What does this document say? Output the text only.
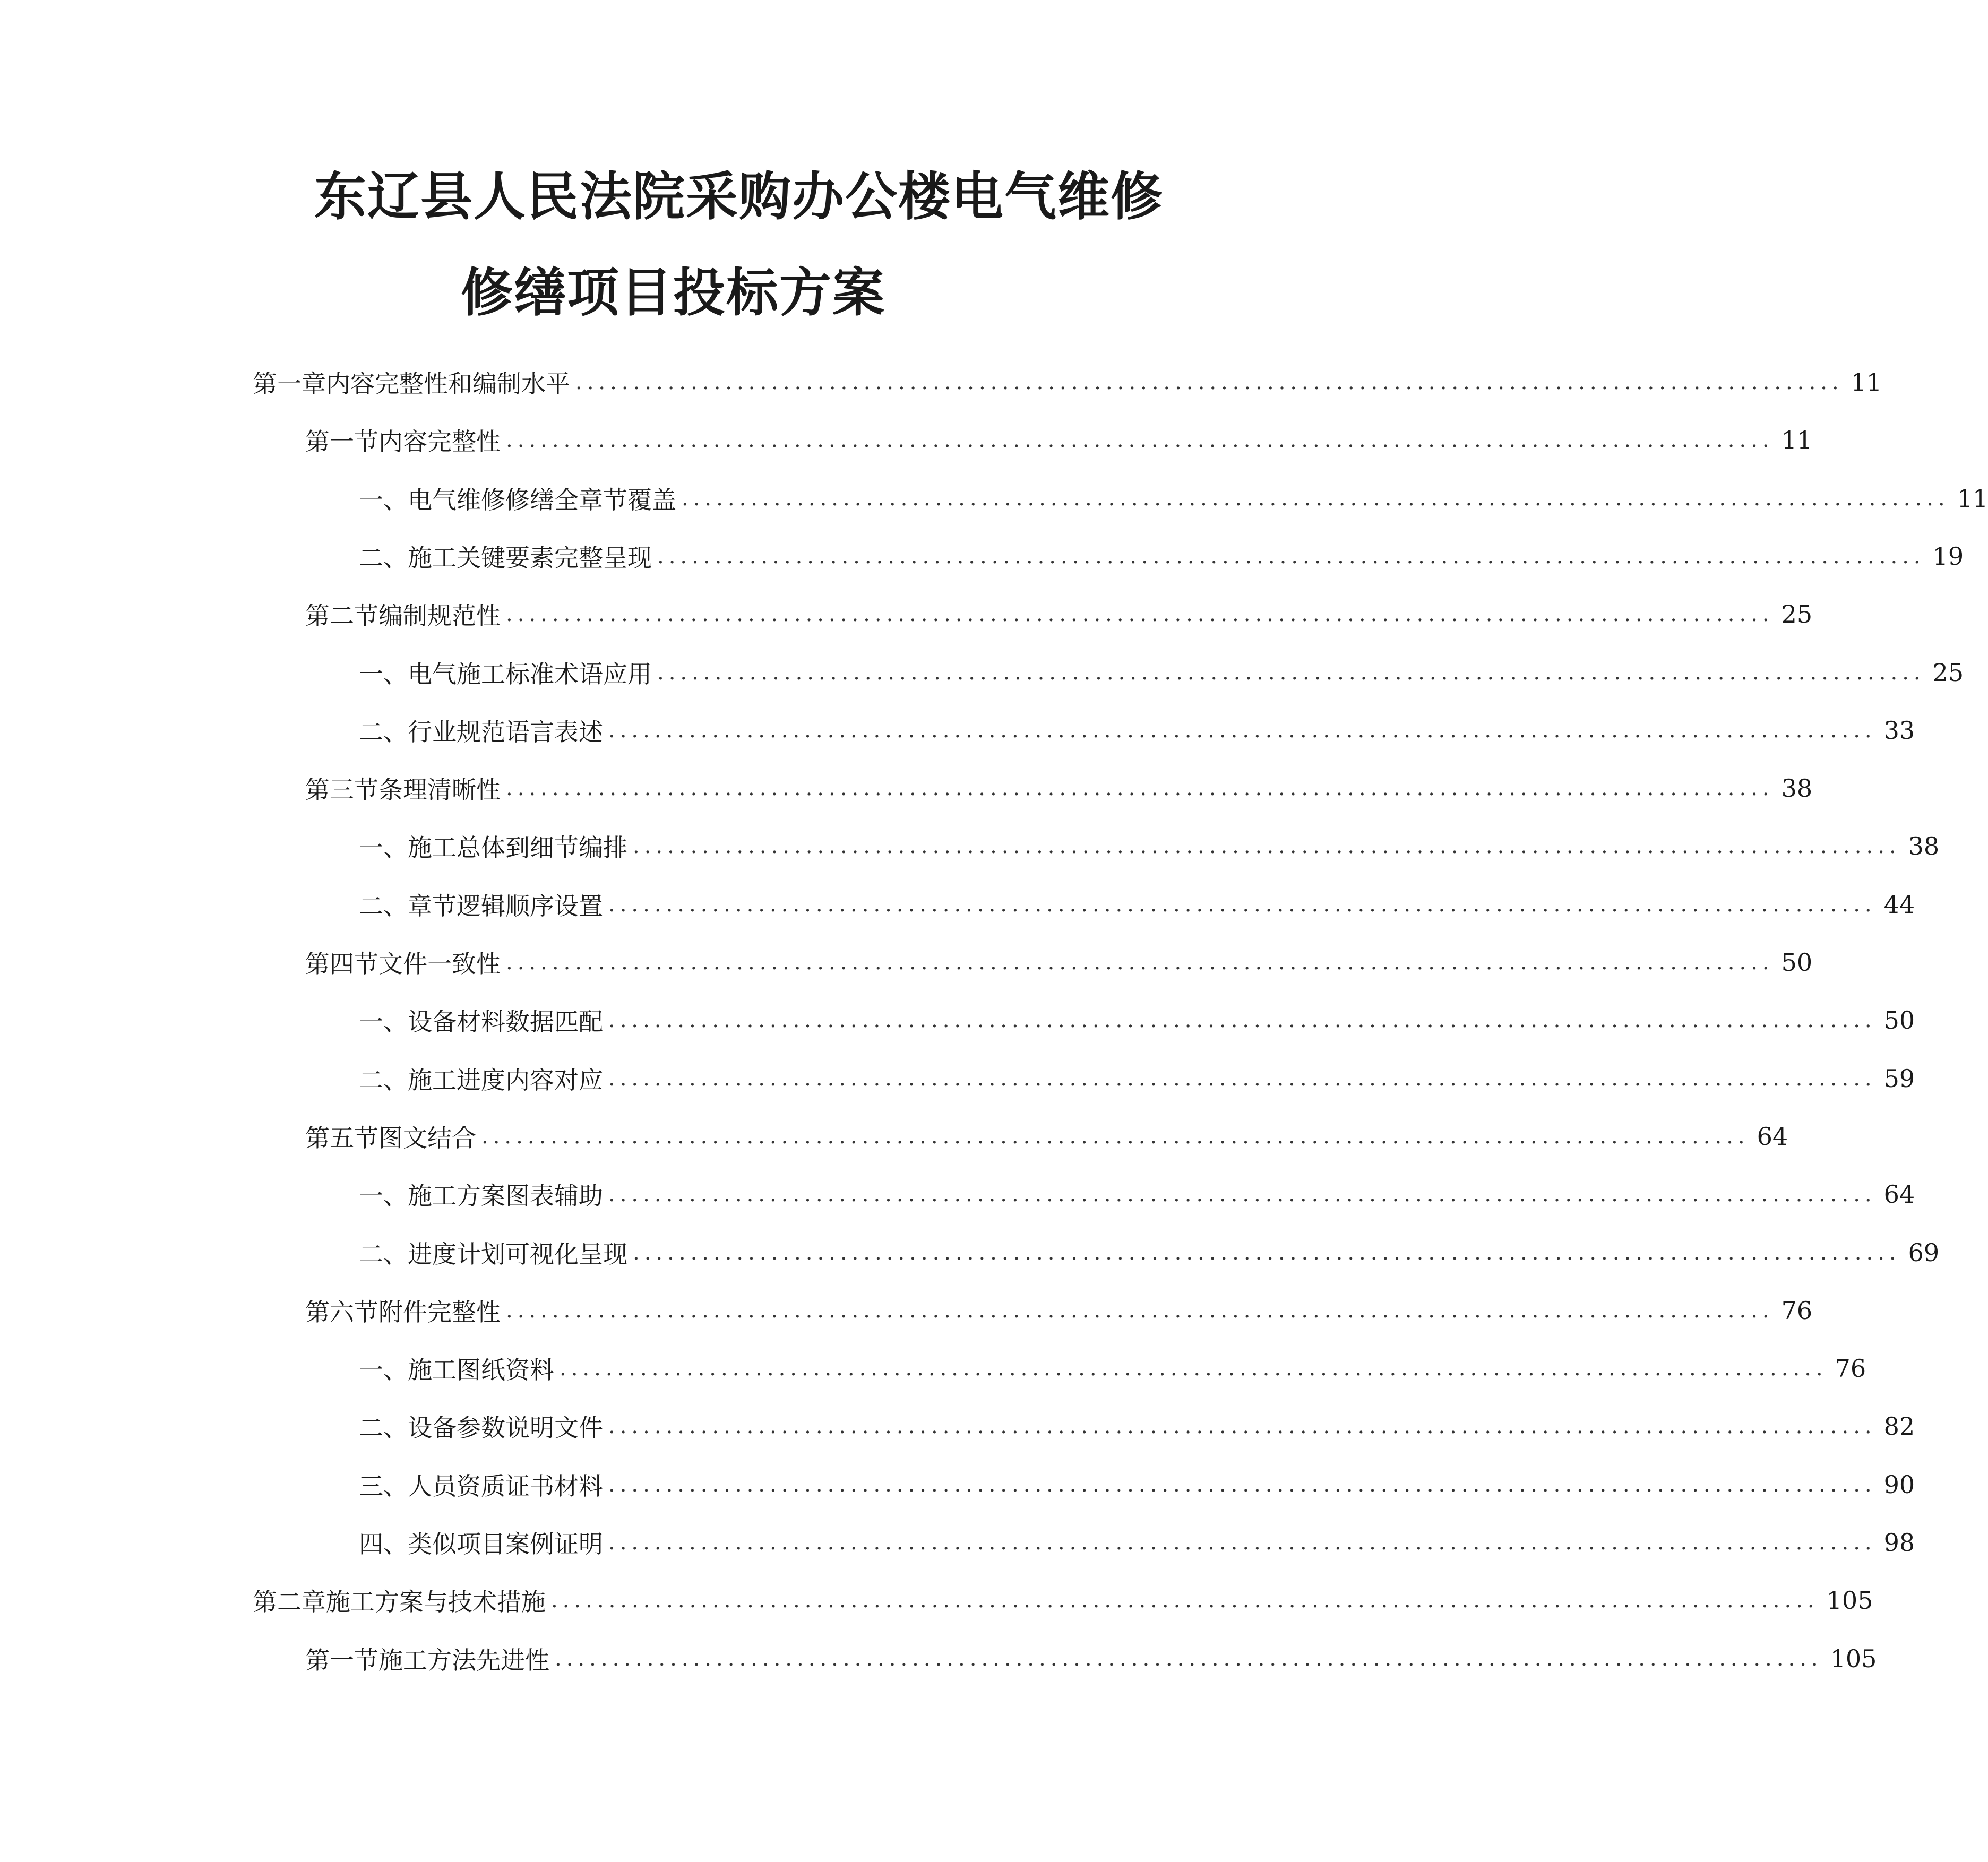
东辽县人民法院采购办公楼电气维修
修缮项目投标方案
第一章 内容完整性和编制水平 .............................................................................................................. 11
第一节 内容完整性 .............................................................................................................. 11
一、 电气维修修缮全章节覆盖 .............................................................................................................. 11
二、 施工关键要素完整呈现 .............................................................................................................. 19
第二节 编制规范性 .............................................................................................................. 25
一、 电气施工标准术语应用 .............................................................................................................. 25
二、 行业规范语言表述 .............................................................................................................. 33
第三节 条理清晰性 .............................................................................................................. 38
一、 施工总体到细节编排 .............................................................................................................. 38
二、 章节逻辑顺序设置 .............................................................................................................. 44
第四节 文件一致性 .............................................................................................................. 50
一、 设备材料数据匹配 .............................................................................................................. 50
二、 施工进度内容对应 .............................................................................................................. 59
第五节 图文结合 .............................................................................................................. 64
一、 施工方案图表辅助 .............................................................................................................. 64
二、 进度计划可视化呈现 .............................................................................................................. 69
第六节 附件完整性 .............................................................................................................. 76
一、 施工图纸资料 .............................................................................................................. 76
二、 设备参数说明文件 .............................................................................................................. 82
三、 人员资质证书材料 .............................................................................................................. 90
四、 类似项目案例证明 .............................................................................................................. 98
第二章 施工方案与技术措施 .............................................................................................................. 105
第一节 施工方法先进性 .............................................................................................................. 105
